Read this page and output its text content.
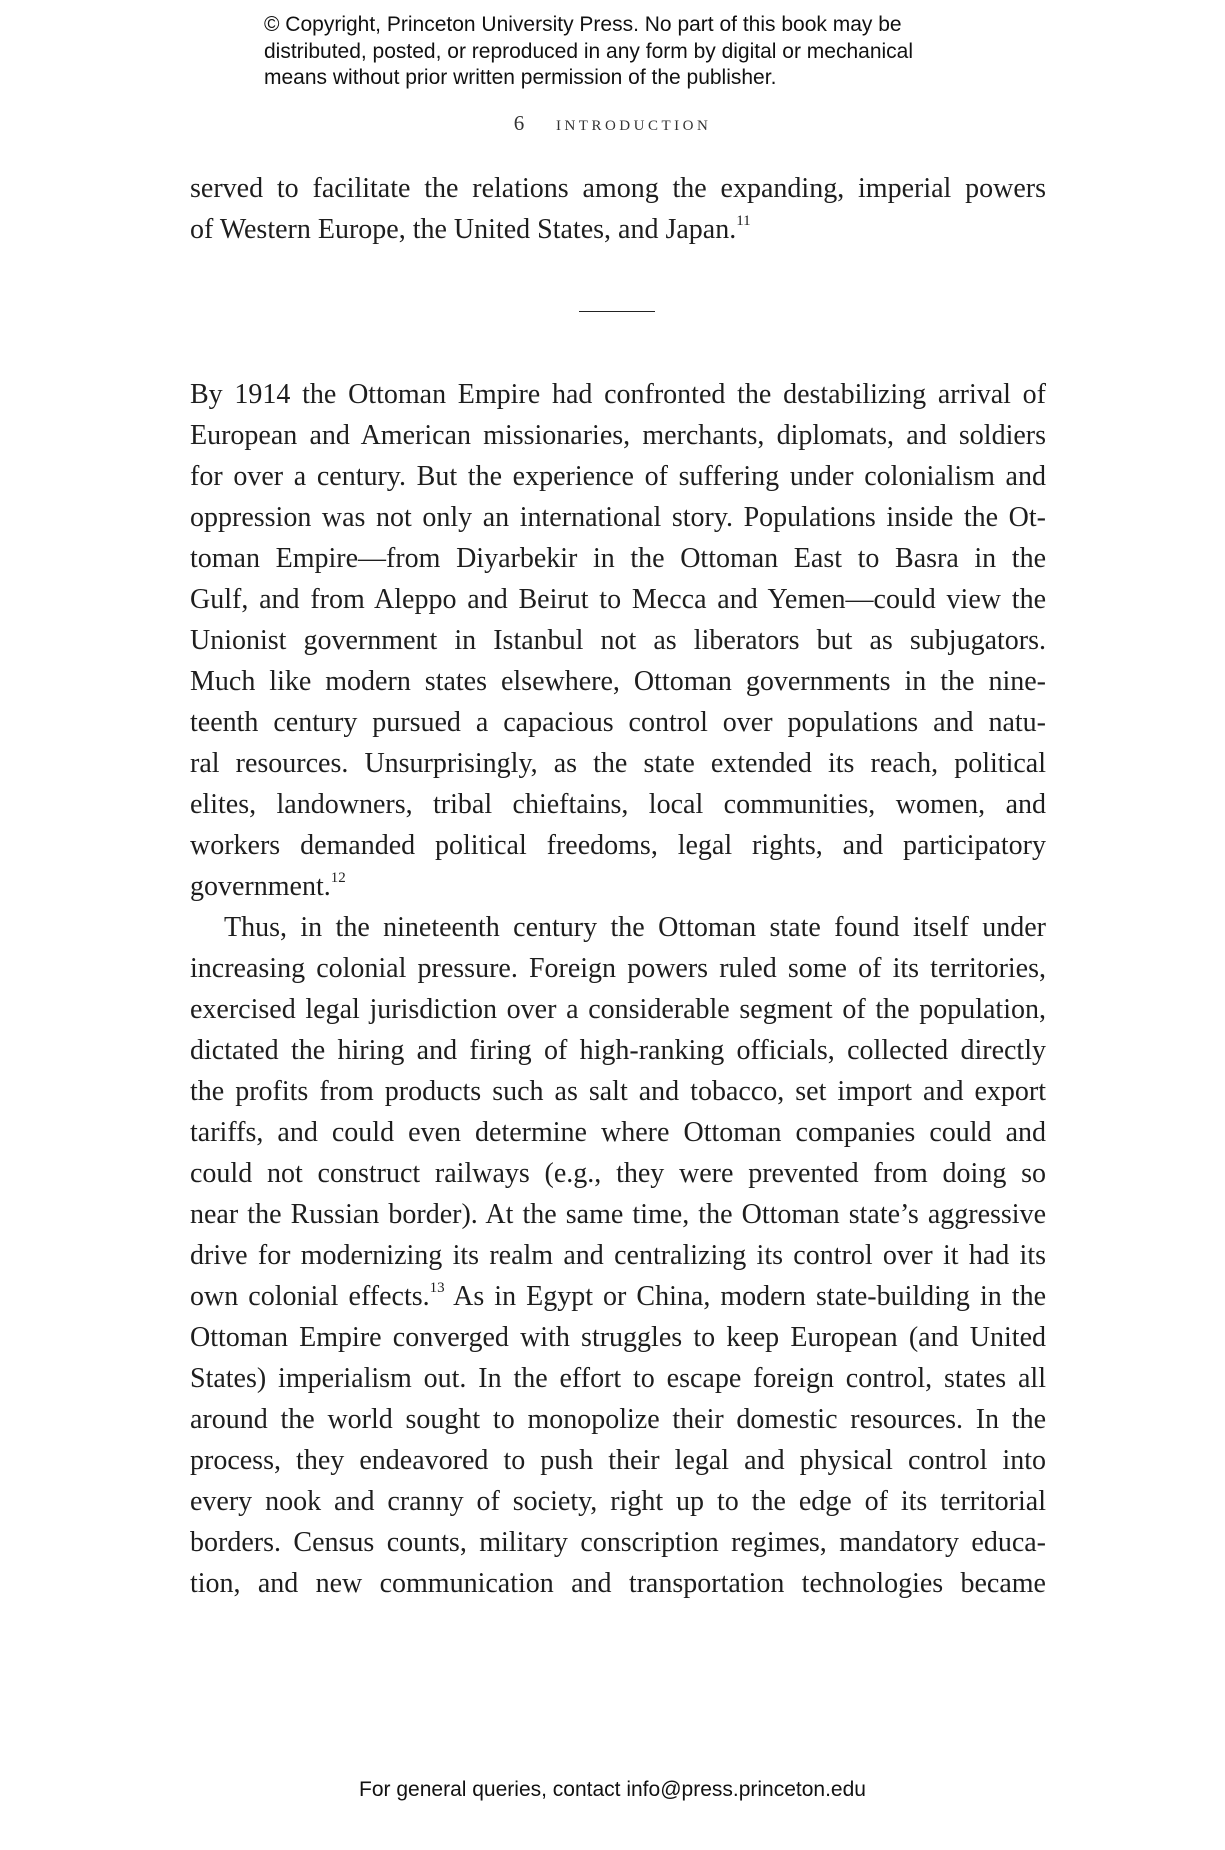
© Copyright, Princeton University Press. No part of this book may be
distributed, posted, or reproduced in any form by digital or mechanical
means without prior written permission of the publisher.
6 introduction
served to facilitate the relations among the expanding, imperial powers
of Western Europe, the United States, and Japan.$^{11}$
By 1914 the Ottoman Empire had confronted the destabilizing arrival of
European and American missionaries, merchants, diplomats, and soldiers
for over a century. But the experience of suffering under colonialism and
oppression was not only an international story. Populations inside the Ot-
toman Empire—from Diyarbekir in the Ottoman East to Basra in the
Gulf, and from Aleppo and Beirut to Mecca and Yemen—could view the
Unionist government in Istanbul not as liberators but as subjugators.
Much like modern states elsewhere, Ottoman governments in the nine-
teenth century pursued a capacious control over populations and natu-
ral resources. Unsurprisingly, as the state extended its reach, political
elites, landowners, tribal chieftains, local communities, women, and
workers demanded political freedoms, legal rights, and participatory
government.$^{12}$
Thus, in the nineteenth century the Ottoman state found itself under
increasing colonial pressure. Foreign powers ruled some of its territories,
exercised legal jurisdiction over a considerable segment of the population,
dictated the hiring and firing of high-ranking officials, collected directly
the profits from products such as salt and tobacco, set import and export
tariffs, and could even determine where Ottoman companies could and
could not construct railways (e.g., they were prevented from doing so
near the Russian border). At the same time, the Ottoman state’s aggressive
drive for modernizing its realm and centralizing its control over it had its
own colonial effects.$^{13}$ As in Egypt or China, modern state-building in the
Ottoman Empire converged with struggles to keep European (and United
States) imperialism out. In the effort to escape foreign control, states all
around the world sought to monopolize their domestic resources. In the
process, they endeavored to push their legal and physical control into
every nook and cranny of society, right up to the edge of its territorial
borders. Census counts, military conscription regimes, mandatory educa-
tion, and new communication and transportation technologies became
For general queries, contact info@press.princeton.edu
